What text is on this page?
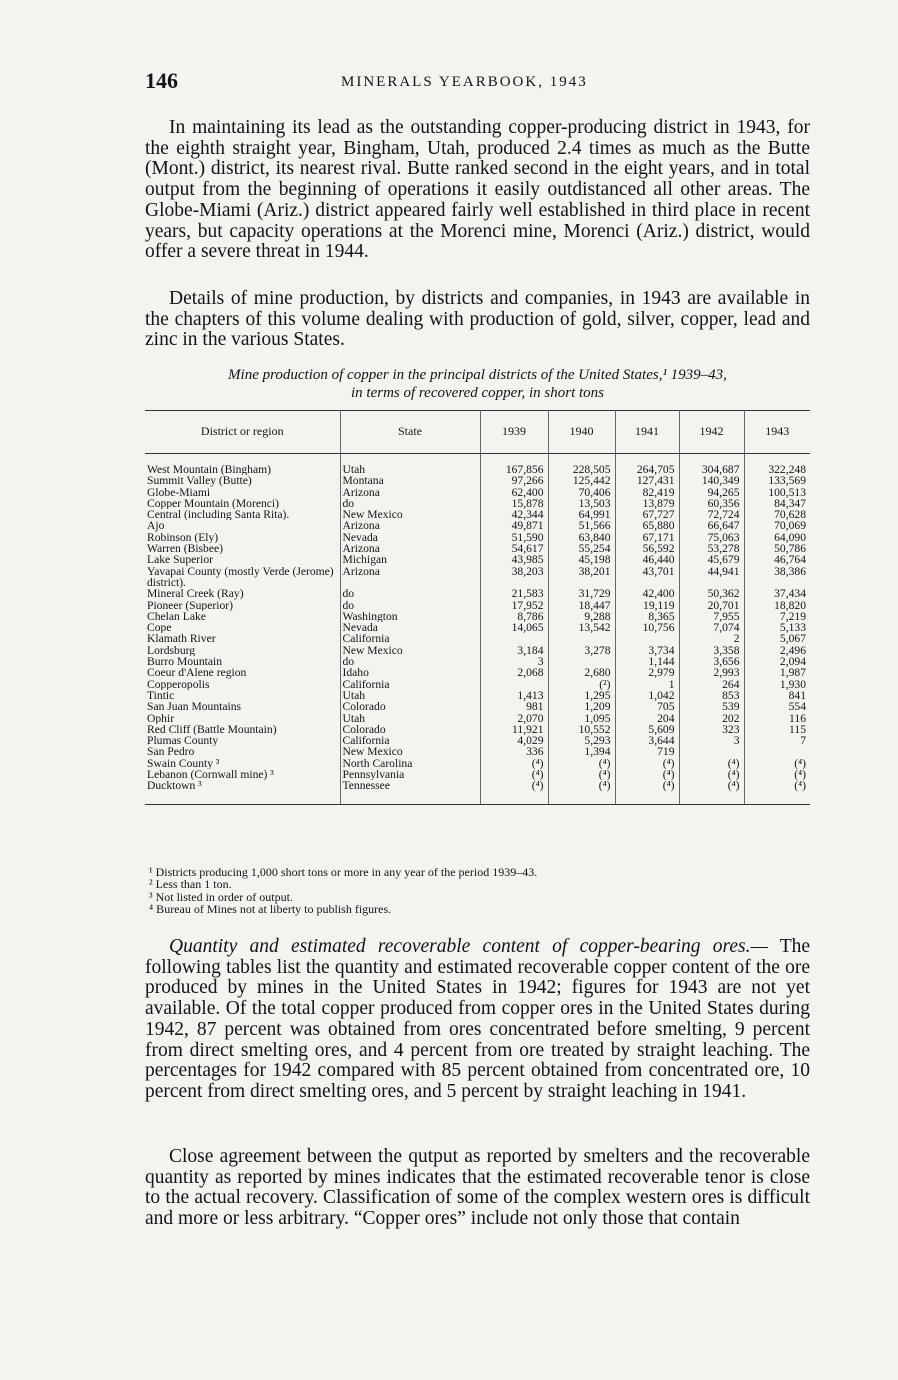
146	MINERALS YEARBOOK, 1943

In maintaining its lead as the outstanding copper-producing district in 1943, for the eighth straight year, Bingham, Utah, produced 2.4 times as much as the Butte (Mont.) district, its nearest rival. Butte ranked second in the eight years, and in total output from the beginning of operations it easily outdistanced all other areas. The Globe-Miami (Ariz.) district appeared fairly well established in third place in recent years, but capacity operations at the Morenci mine, Morenci (Ariz.) district, would offer a severe threat in 1944.

Details of mine production, by districts and companies, in 1943 are available in the chapters of this volume dealing with production of gold, silver, copper, lead and zinc in the various States.

Mine production of copper in the principal districts of the United States,¹ 1939–43,
in terms of recovered copper, in short tons
District or region	State	1939	1940	1941	1942	1943
West Mountain (Bingham)	Utah	167,856	228,505	264,705	304,687	322,248
Summit Valley (Butte)	Montana	97,266	125,442	127,431	140,349	133,569
Globe-Miami	Arizona	62,400	70,406	82,419	94,265	100,513
Copper Mountain (Morenci)	do	15,878	13,503	13,879	60,356	84,347
Central (including Santa Rita).	New Mexico	42,344	64,991	67,727	72,724	70,628
Ajo	Arizona	49,871	51,566	65,880	66,647	70,069
Robinson (Ely)	Nevada	51,590	63,840	67,171	75,063	64,090
Warren (Bisbee)	Arizona	54,617	55,254	56,592	53,278	50,786
Lake Superior	Michigan	43,985	45,198	46,440	45,679	46,764
Yavapai County (mostly Verde (Jerome) district).	Arizona	38,203	38,201	43,701	44,941	38,386
Mineral Creek (Ray)	do	21,583	31,729	42,400	50,362	37,434
Pioneer (Superior)	do	17,952	18,447	19,119	20,701	18,820
Chelan Lake	Washington	8,786	9,288	8,365	7,955	7,219
Cope	Nevada	14,065	13,542	10,756	7,074	5,133
Klamath River	California				2	5,067
Lordsburg	New Mexico	3,184	3,278	3,734	3,358	2,496
Burro Mountain	do	3		1,144	3,656	2,094
Coeur d'Alene region	Idaho	2,068	2,680	2,979	2,993	1,987
Copperopolis	California		(²)	1	264	1,930
Tintic	Utah	1,413	1,295	1,042	853	841
San Juan Mountains	Colorado	981	1,209	705	539	554
Ophir	Utah	2,070	1,095	204	202	116
Red Cliff (Battle Mountain)	Colorado	11,921	10,552	5,609	323	115
Plumas County	California	4,029	5,293	3,644	3	7
San Pedro	New Mexico	336	1,394	719		
Swain County ³	North Carolina	(⁴)	(⁴)	(⁴)	(⁴)	(⁴)
Lebanon (Cornwall mine) ³	Pennsylvania	(⁴)	(⁴)	(⁴)	(⁴)	(⁴)
Ducktown ³	Tennessee	(⁴)	(⁴)	(⁴)	(⁴)	(⁴)
¹ Districts producing 1,000 short tons or more in any year of the period 1939–43.
² Less than 1 ton.
³ Not listed in order of output.
⁴ Bureau of Mines not at liberty to publish figures.

Quantity and estimated recoverable content of copper-bearing ores.— The following tables list the quantity and estimated recoverable copper content of the ore produced by mines in the United States in 1942; figures for 1943 are not yet available. Of the total copper produced from copper ores in the United States during 1942, 87 percent was obtained from ores concentrated before smelting, 9 percent from direct smelting ores, and 4 percent from ore treated by straight leaching. The percentages for 1942 compared with 85 percent obtained from concentrated ore, 10 percent from direct smelting ores, and 5 percent by straight leaching in 1941.

Close agreement between the qutput as reported by smelters and the recoverable quantity as reported by mines indicates that the estimated recoverable tenor is close to the actual recovery. Classification of some of the complex western ores is difficult and more or less arbitrary. “Copper ores” include not only those that contain
